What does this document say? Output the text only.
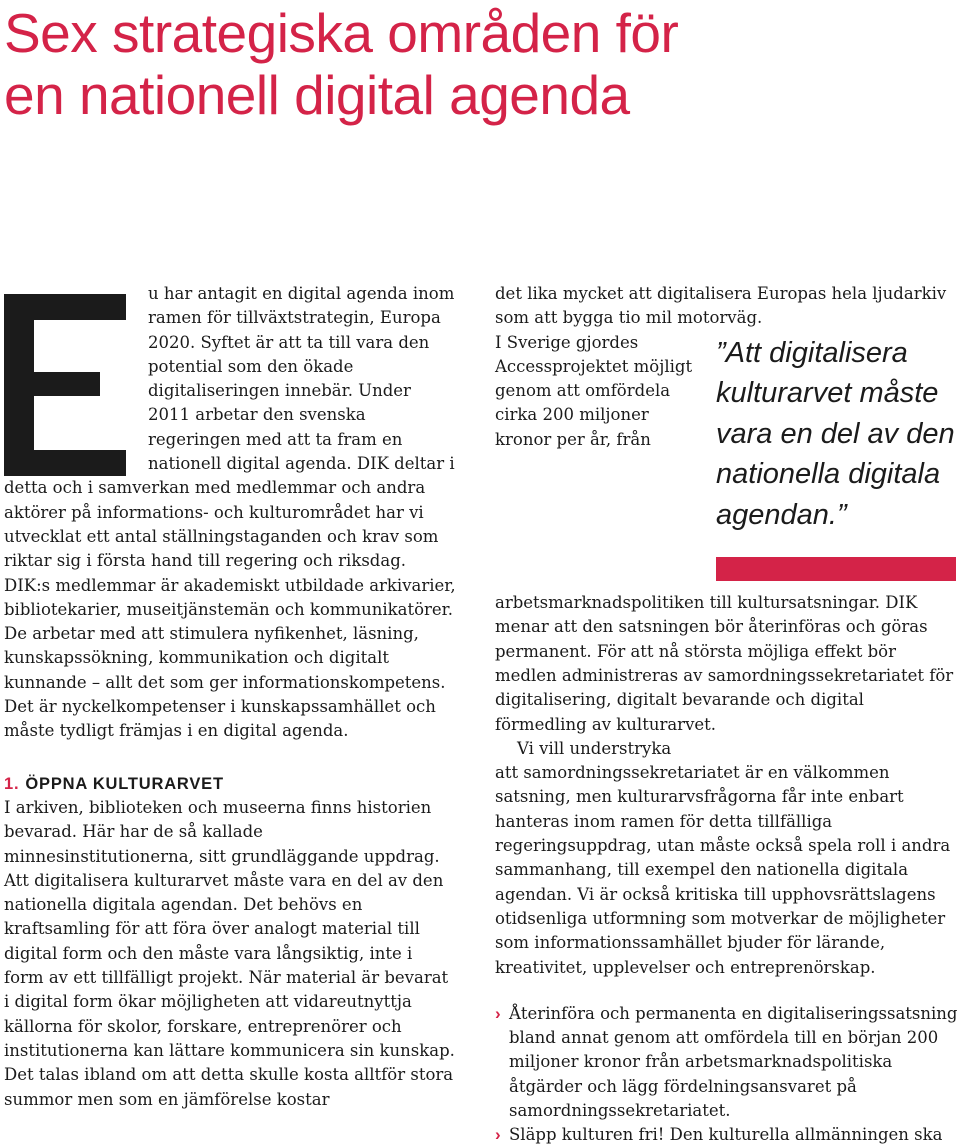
Sex strategiska områden för
en nationell digital agenda

u har antagit en digital agenda inom ramen för tillväxtstrategin, Europa 2020. Syftet är att ta till vara den potential som den ökade digitaliseringen innebär. Under 2011 arbetar den svenska regeringen med att ta fram en nationell digital agenda. DIK deltar i detta och i samverkan med medlemmar och andra aktörer på informations- och kulturområdet har vi utvecklat ett antal ställningstaganden och krav som riktar sig i första hand till regering och riksdag.

DIK:s medlemmar är akademiskt utbildade arkivarier, bibliotekarier, museitjänstemän och kommunikatörer. De arbetar med att stimulera nyfikenhet, läsning, kunskapssökning, kommunikation och digitalt kunnande – allt det som ger informationskompetens. Det är nyckelkompetenser i kunskapssamhället och måste tydligt främjas i en digital agenda.

1. ÖPPNA KULTURARVET

I arkiven, biblioteken och museerna finns historien bevarad. Här har de så kallade minnesinstitutionerna, sitt grundläggande uppdrag. Att digitalisera kulturarvet måste vara en del av den nationella digitala agendan. Det behövs en kraftsamling för att föra över analogt material till digital form och den måste vara långsiktig, inte i form av ett tillfälligt projekt. När material är bevarat i digital form ökar möjligheten att vidareutnyttja källorna för skolor, forskare, entreprenörer och institutionerna kan lättare kommunicera sin kunskap. Det talas ibland om att detta skulle kosta alltför stora summor men som en jämförelse kostar

det lika mycket att digitalisera Europas hela ljudarkiv som att bygga tio mil motorväg.

”Att digitalisera kulturarvet måste vara en del av den nationella digitala agendan.”

I Sverige gjordes Accessprojektet möjligt genom att omfördela cirka 200 miljoner kronor per år, från arbetsmarknadspolitiken till kultursatsningar. DIK menar att den satsningen bör återinföras och göras permanent. För att nå största möjliga effekt bör medlen administreras av samordningssekretariatet för digitalisering, digitalt bevarande och digital förmedling av kulturarvet.

Vi vill understryka

att samordningssekretariatet är en välkommen satsning, men kulturarvsfrågorna får inte enbart hanteras inom ramen för detta tillfälliga regeringsuppdrag, utan måste också spela roll i andra sammanhang, till exempel den nationella digitala agendan. Vi är också kritiska till upphovsrättslagens otidsenliga utformning som motverkar de möjligheter som informationssamhället bjuder för lärande, kreativitet, upplevelser och entreprenörskap.

› Återinföra och permanenta en digitaliseringssatsning bland annat genom att omfördela till en början 200 miljoner kronor från arbetsmarknadspolitiska åtgärder och lägg fördelningsansvaret på samordningssekretariatet.
› Släpp kulturen fri! Den kulturella allmänningen ska
